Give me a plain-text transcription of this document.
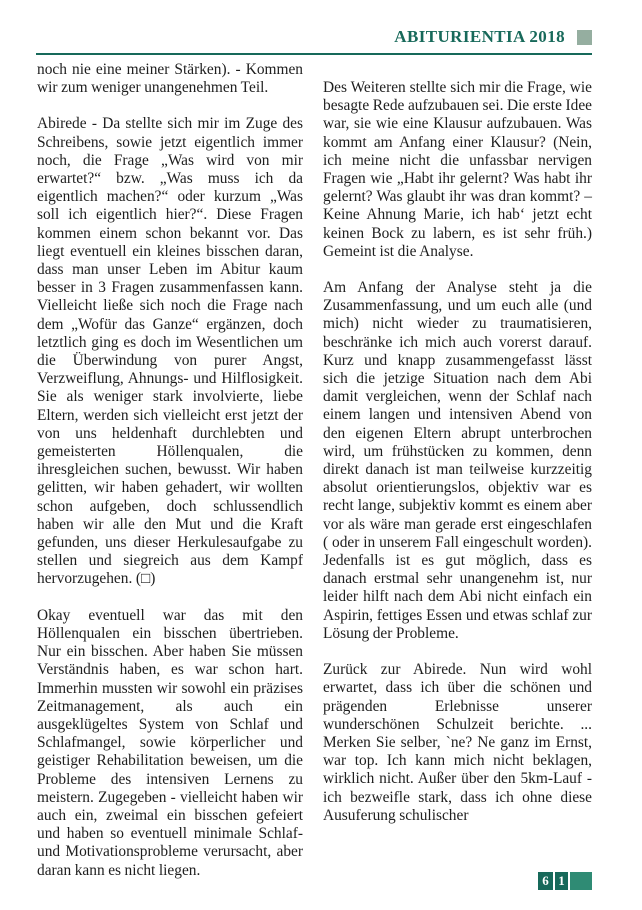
ABITURIENTIA 2018

noch nie eine meiner Stärken). - Kommen wir zum weniger unangenehmen Teil.

Abirede - Da stellte sich mir im Zuge des Schreibens, sowie jetzt eigentlich immer noch, die Frage „Was wird von mir erwartet?“ bzw. „Was muss ich da eigentlich machen?“ oder kurzum „Was soll ich eigentlich hier?“. Diese Fragen kommen einem schon bekannt vor. Das liegt eventuell ein kleines bisschen daran, dass man unser Leben im Abitur kaum besser in 3 Fragen zusammenfassen kann. Vielleicht ließe sich noch die Frage nach dem „Wofür das Ganze“ ergänzen, doch letztlich ging es doch im Wesentlichen um die Überwindung von purer Angst, Verzweiflung, Ahnungs- und Hilflosigkeit. Sie als weniger stark involvierte, liebe Eltern, werden sich vielleicht erst jetzt der von uns heldenhaft durchlebten und gemeisterten Höllenqualen, die ihresgleichen suchen, bewusst. Wir haben gelitten, wir haben gehadert, wir wollten schon aufgeben, doch schlussendlich haben wir alle den Mut und die Kraft gefunden, uns dieser Herkulesaufgabe zu stellen und siegreich aus dem Kampf hervorzugehen. (□)

Okay eventuell war das mit den Höllenqualen ein bisschen übertrieben. Nur ein bisschen. Aber haben Sie müssen Verständnis haben, es war schon hart. Immerhin mussten wir sowohl ein präzises Zeitmanagement, als auch ein ausgeklügeltes System von Schlaf und Schlafmangel, sowie körperlicher und geistiger Rehabilitation beweisen, um die Probleme des intensiven Lernens zu meistern. Zugegeben - vielleicht haben wir auch ein, zweimal ein bisschen gefeiert und haben so eventuell minimale Schlaf- und Motivationsprobleme verursacht, aber daran kann es nicht liegen.

Des Weiteren stellte sich mir die Frage, wie besagte Rede aufzubauen sei. Die erste Idee war, sie wie eine Klausur aufzubauen. Was kommt am Anfang einer Klausur? (Nein, ich meine nicht die unfassbar nervigen Fragen wie „Habt ihr gelernt? Was habt ihr gelernt? Was glaubt ihr was dran kommt? – Keine Ahnung Marie, ich hab‘ jetzt echt keinen Bock zu labern, es ist sehr früh.) Gemeint ist die Analyse.

Am Anfang der Analyse steht ja die Zusammenfassung, und um euch alle (und mich) nicht wieder zu traumatisieren, beschränke ich mich auch vorerst darauf. Kurz und knapp zusammengefasst lässt sich die jetzige Situation nach dem Abi damit vergleichen, wenn der Schlaf nach einem langen und intensiven Abend von den eigenen Eltern abrupt unterbrochen wird, um frühstücken zu kommen, denn direkt danach ist man teilweise kurzzeitig absolut orientierungslos, objektiv war es recht lange, subjektiv kommt es einem aber vor als wäre man gerade erst eingeschlafen ( oder in unserem Fall eingeschult worden). Jedenfalls ist es gut möglich, dass es danach erstmal sehr unangenehm ist, nur leider hilft nach dem Abi nicht einfach ein Aspirin, fettiges Essen und etwas schlaf zur Lösung der Probleme.

Zurück zur Abirede. Nun wird wohl erwartet, dass ich über die schönen und prägenden Erlebnisse unserer wunderschönen Schulzeit berichte. ... Merken Sie selber, `ne? Ne ganz im Ernst, war top. Ich kann mich nicht beklagen, wirklich nicht. Außer über den 5km-Lauf - ich bezweifle stark, dass ich ohne diese Ausuferung schulischer

6 1
